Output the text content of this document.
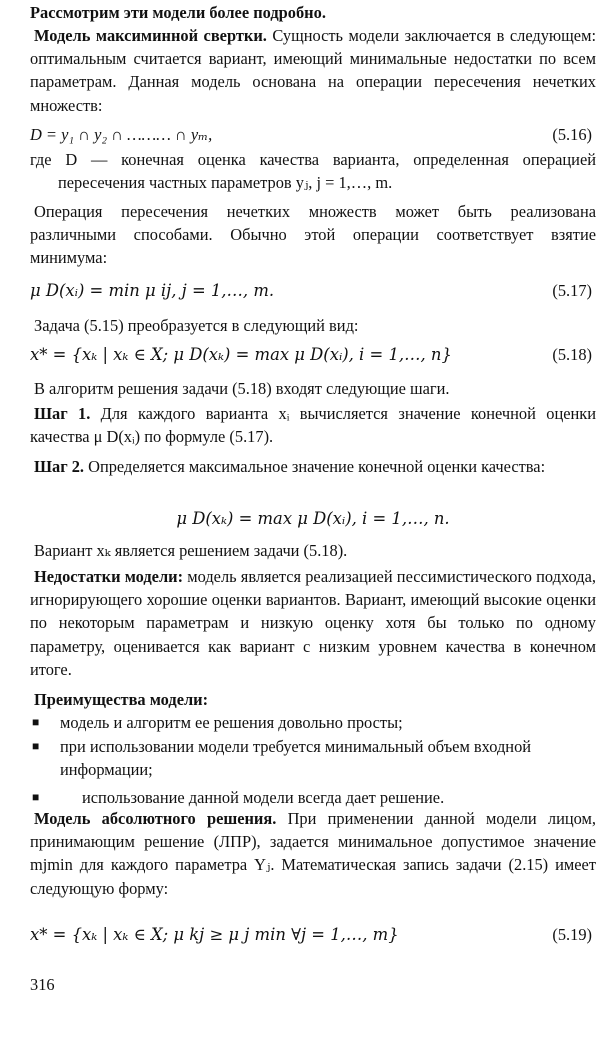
Рассмотрим эти модели более подробно.

Модель максиминной свертки. Сущность модели заключается в следующем: оптимальным считается вариант, имеющий минимальные недостатки по всем параметрам. Данная модель основана на операции пересечения нечетких множеств:

D = y₁ ∩ y₂ ∩ ……… ∩ yₘ,	(5.16)

где D — конечная оценка качества варианта, определенная операцией пересечения частных параметров yⱼ, j = 1,…, m.

Операция пересечения нечетких множеств может быть реализована различными способами. Обычно этой операции соответствует взятие минимума:

μ D(xᵢ) = min μ ij, j = 1,…, m.	(5.17)

Задача (5.15) преобразуется в следующий вид:

x* = {xₖ | xₖ ∈ X; μ D(xₖ) = max μ D(xᵢ), i = 1,…, n}	(5.18)

В алгоритм решения задачи (5.18) входят следующие шаги.

Шаг 1. Для каждого варианта xᵢ вычисляется значение конечной оценки качества μ D(xᵢ) по формуле (5.17).

Шаг 2. Определяется максимальное значение конечной оценки качества:

μ D(xₖ) = max μ D(xᵢ), i = 1,…, n.

Вариант xₖ является решением задачи (5.18).

Недостатки модели: модель является реализацией пессимистического подхода, игнорирующего хорошие оценки вариантов. Вариант, имеющий высокие оценки по некоторым параметрам и низкую оценку хотя бы только по одному параметру, оценивается как вариант с низким уровнем качества в конечном итоге.

Преимущества модели:

■ модель и алгоритм ее решения довольно просты;
■ при использовании модели требуется минимальный объем входной информации;
■	использование данной модели всегда дает решение.

Модель абсолютного решения. При применении данной модели лицом, принимающим решение (ЛПР), задается минимальное допустимое значение mjmin для каждого параметра Yⱼ. Математическая запись задачи (2.15) имеет следующую форму:

x* = {xₖ | xₖ ∈ X; μ kj ≥ μ j min ∀j = 1,…, m}	(5.19)
316
